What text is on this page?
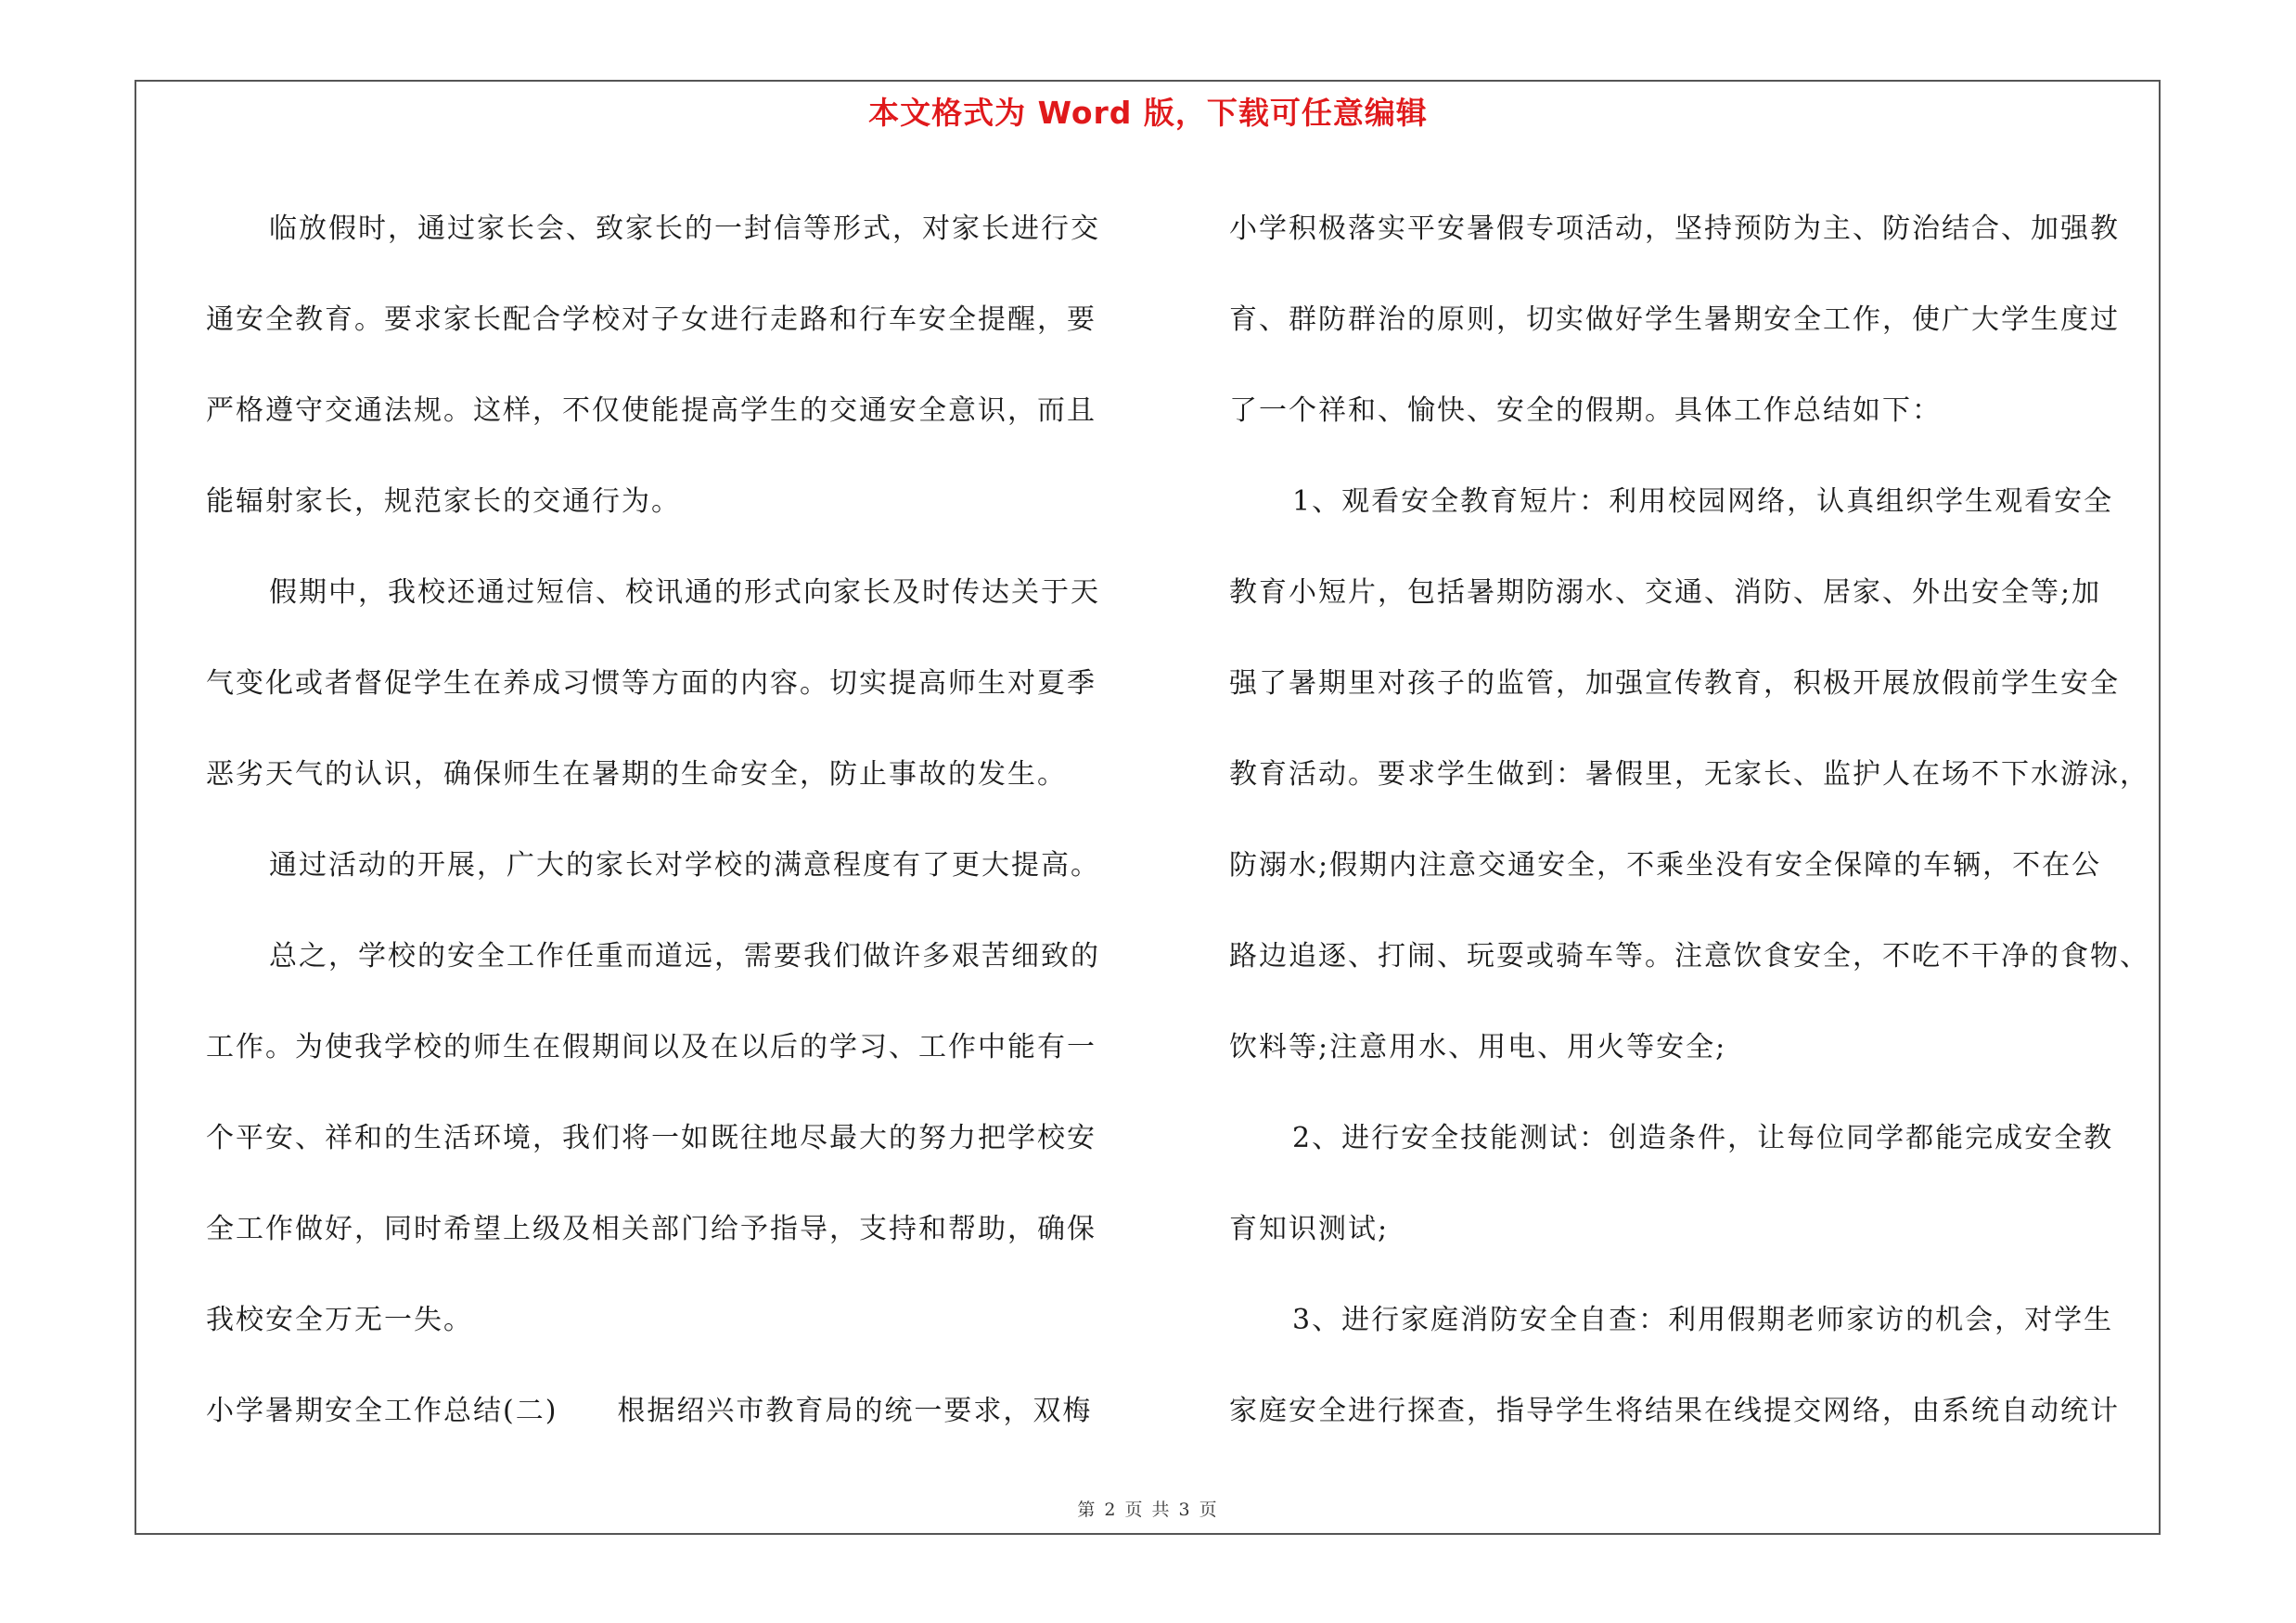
本文格式为 Word 版，下载可任意编辑
临放假时，通过家长会、致家长的一封信等形式，对家长进行交
通安全教育。要求家长配合学校对子女进行走路和行车安全提醒，要
严格遵守交通法规。这样，不仅使能提高学生的交通安全意识，而且
能辐射家长，规范家长的交通行为。
假期中，我校还通过短信、校讯通的形式向家长及时传达关于天
气变化或者督促学生在养成习惯等方面的内容。切实提高师生对夏季
恶劣天气的认识，确保师生在暑期的生命安全，防止事故的发生。
通过活动的开展，广大的家长对学校的满意程度有了更大提高。
总之，学校的安全工作任重而道远，需要我们做许多艰苦细致的
工作。为使我学校的师生在假期间以及在以后的学习、工作中能有一
个平安、祥和的生活环境，我们将一如既往地尽最大的努力把学校安
全工作做好，同时希望上级及相关部门给予指导，支持和帮助，确保
我校安全万无一失。
小学暑期安全工作总结(二)　　根据绍兴市教育局的统一要求，双梅
小学积极落实平安暑假专项活动，坚持预防为主、防治结合、加强教
育、群防群治的原则，切实做好学生暑期安全工作，使广大学生度过
了一个祥和、愉快、安全的假期。具体工作总结如下：
1、观看安全教育短片：利用校园网络，认真组织学生观看安全
教育小短片，包括暑期防溺水、交通、消防、居家、外出安全等;加
强了暑期里对孩子的监管，加强宣传教育，积极开展放假前学生安全
教育活动。要求学生做到：暑假里，无家长、监护人在场不下水游泳，
防溺水;假期内注意交通安全，不乘坐没有安全保障的车辆，不在公
路边追逐、打闹、玩耍或骑车等。注意饮食安全，不吃不干净的食物、
饮料等;注意用水、用电、用火等安全;
2、进行安全技能测试：创造条件，让每位同学都能完成安全教
育知识测试;
3、进行家庭消防安全自查：利用假期老师家访的机会，对学生
家庭安全进行探查，指导学生将结果在线提交网络，由系统自动统计
第 2 页 共 3 页
